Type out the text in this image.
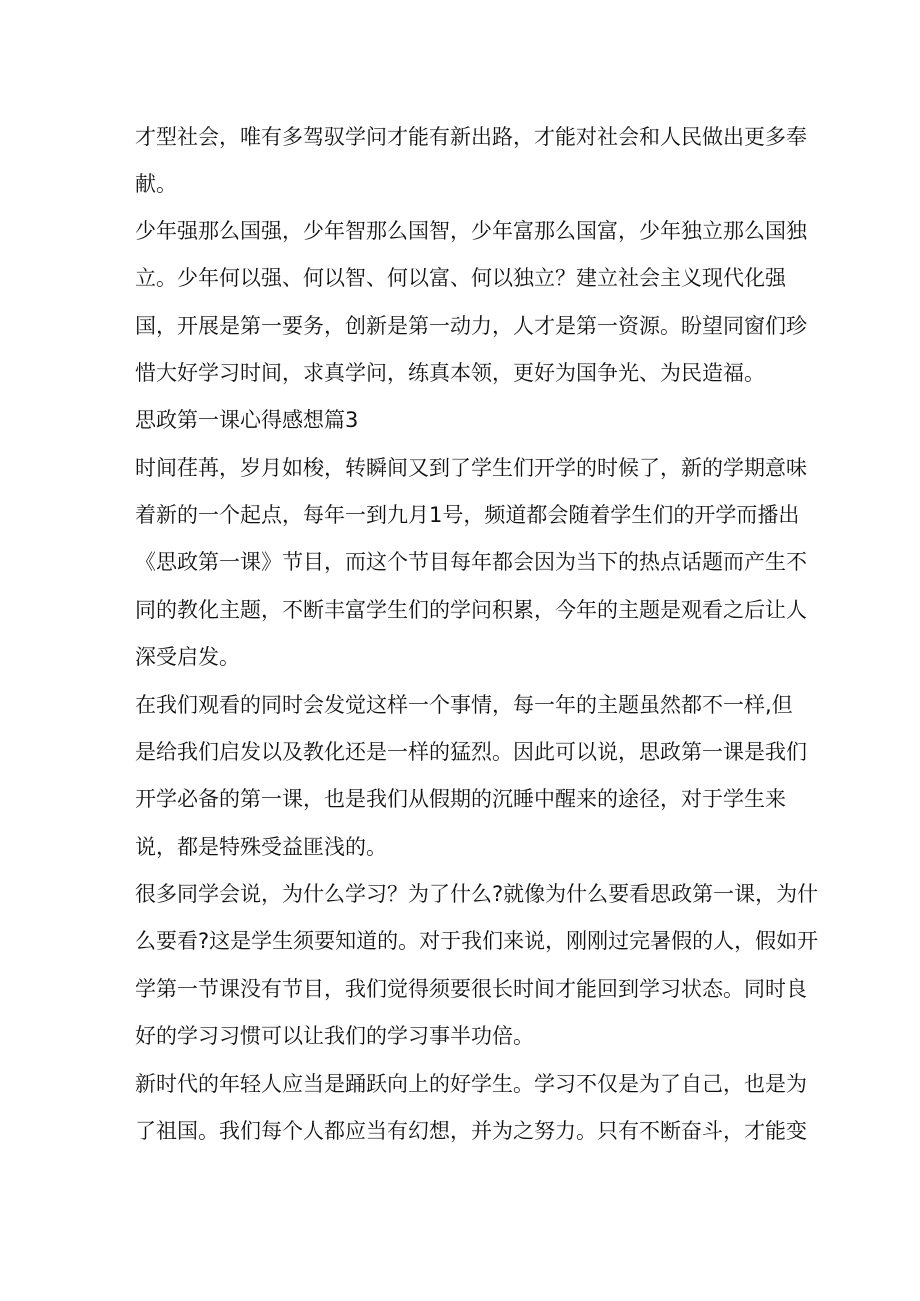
才型社会，唯有多驾驭学问才能有新出路，才能对社会和人民做出更多奉

献。

少年强那么国强，少年智那么国智，少年富那么国富，少年独立那么国独

立。少年何以强、何以智、何以富、何以独立？建立社会主义现代化强

国，开展是第一要务，创新是第一动力，人才是第一资源。盼望同窗们珍

惜大好学习时间，求真学问，练真本领，更好为国争光、为民造福。

思政第一课心得感想篇3

时间荏苒，岁月如梭，转瞬间又到了学生们开学的时候了，新的学期意味

着新的一个起点，每年一到九月1号，频道都会随着学生们的开学而播出

《思政第一课》节目，而这个节目每年都会因为当下的热点话题而产生不

同的教化主题，不断丰富学生们的学问积累，今年的主题是观看之后让人

深受启发。

在我们观看的同时会发觉这样一个事情，每一年的主题虽然都不一样,但

是给我们启发以及教化还是一样的猛烈。因此可以说，思政第一课是我们

开学必备的第一课，也是我们从假期的沉睡中醒来的途径，对于学生来

说，都是特殊受益匪浅的。

很多同学会说，为什么学习？为了什么?就像为什么要看思政第一课，为什

么要看?这是学生须要知道的。对于我们来说，刚刚过完暑假的人，假如开

学第一节课没有节目，我们觉得须要很长时间才能回到学习状态。同时良

好的学习习惯可以让我们的学习事半功倍。

新时代的年轻人应当是踊跃向上的好学生。学习不仅是为了自己，也是为

了祖国。我们每个人都应当有幻想，并为之努力。只有不断奋斗，才能变
